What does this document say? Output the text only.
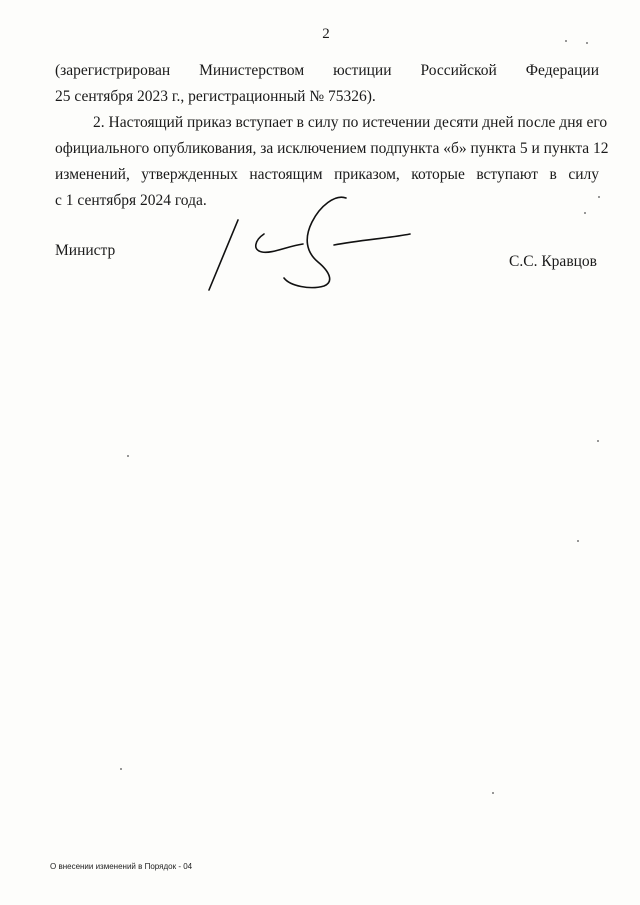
2
(зарегистрирован Министерством юстиции Российской Федерации
25 сентября 2023 г., регистрационный № 75326).
2. Настоящий приказ вступает в силу по истечении десяти дней после дня его
официального опубликования, за исключением подпункта «б» пункта 5 и пункта 12
изменений, утвержденных настоящим приказом, которые вступают в силу
с 1 сентября 2024 года.
Министр
С.С. Кравцов
О внесении изменений в Порядок - 04
